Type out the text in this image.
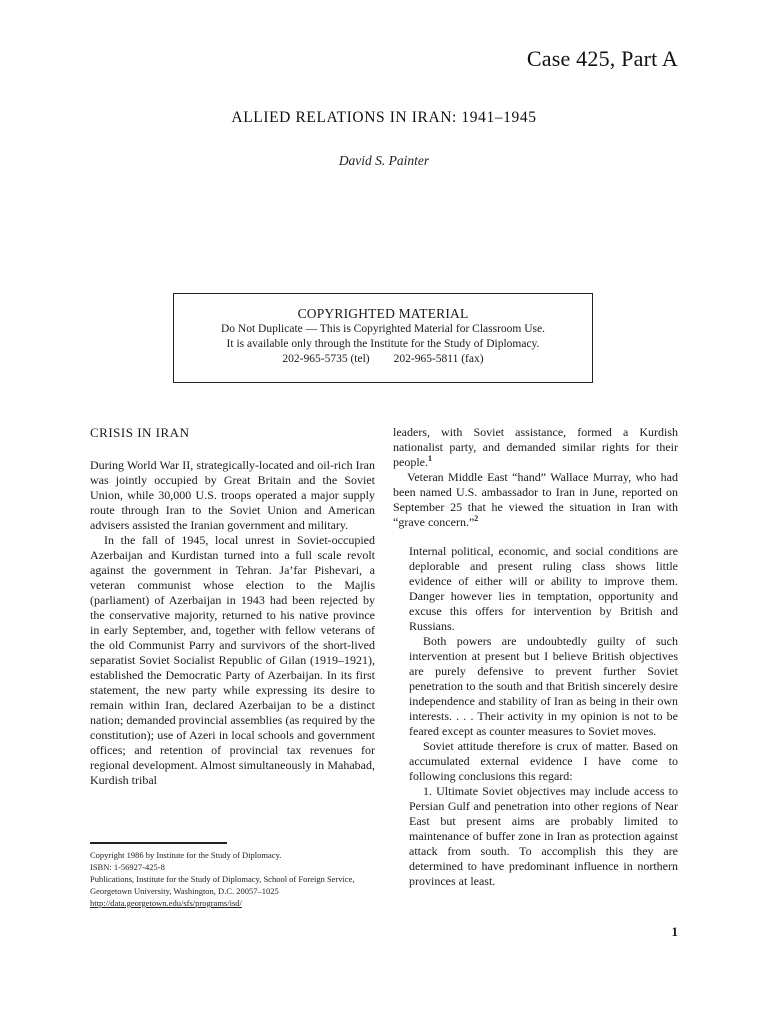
Case 425, Part A
ALLIED RELATIONS IN IRAN: 1941–1945
David S. Painter
COPYRIGHTED MATERIAL
Do Not Duplicate — This is Copyrighted Material for Classroom Use.
It is available only through the Institute for the Study of Diplomacy.
202-965-5735 (tel) 202-965-5811 (fax)
CRISIS IN IRAN

During World War II, strategically-located and oil-rich Iran was jointly occupied by Great Britain and the Soviet Union, while 30,000 U.S. troops operated a major supply route through Iran to the Soviet Union and American advisers assisted the Iranian government and military.

In the fall of 1945, local unrest in Soviet-occupied Azerbaijan and Kurdistan turned into a full scale revolt against the government in Tehran. Ja’far Pishevari, a veteran communist whose election to the Majlis (parliament) of Azerbaijan in 1943 had been rejected by the conservative majority, returned to his native province in early September, and, together with fellow veterans of the old Communist Parry and survivors of the short-lived separatist Soviet Socialist Republic of Gilan (1919–1921), established the Democratic Party of Azerbaijan. In its first statement, the new party while expressing its desire to remain within Iran, declared Azerbaijan to be a distinct nation; demanded provincial assemblies (as required by the constitution); use of Azeri in local schools and government offices; and retention of provincial tax revenues for regional development. Almost simultaneously in Mahabad, Kurdish tribal

Copyright 1986 by Institute for the Study of Diplomacy.
ISBN: 1-56927-425-8
Publications, Institute for the Study of Diplomacy, School of Foreign Service, Georgetown University, Washington, D.C. 20057–1025 http://data.georgetown.edu/sfs/programs/isd/

leaders, with Soviet assistance, formed a Kurdish nationalist party, and demanded similar rights for their people.$^1$

Veteran Middle East “hand” Wallace Murray, who had been named U.S. ambassador to Iran in June, reported on September 25 that he viewed the situation in Iran with “grave concern.”$^2$

Internal political, economic, and social conditions are deplorable and present ruling class shows little evidence of either will or ability to improve them. Danger however lies in temptation, opportunity and excuse this offers for intervention by British and Russians.

Both powers are undoubtedly guilty of such intervention at present but I believe British objectives are purely defensive to prevent further Soviet penetration to the south and that British sincerely desire independence and stability of Iran as being in their own interests. . . . Their activity in my opinion is not to be feared except as counter measures to Soviet moves.

Soviet attitude therefore is crux of matter. Based on accumulated external evidence I have come to following conclusions this regard:

1. Ultimate Soviet objectives may include access to Persian Gulf and penetration into other regions of Near East but present aims are probably limited to maintenance of buffer zone in Iran as protection against attack from south. To accomplish this they are determined to have predominant influence in northern provinces at least.

1
